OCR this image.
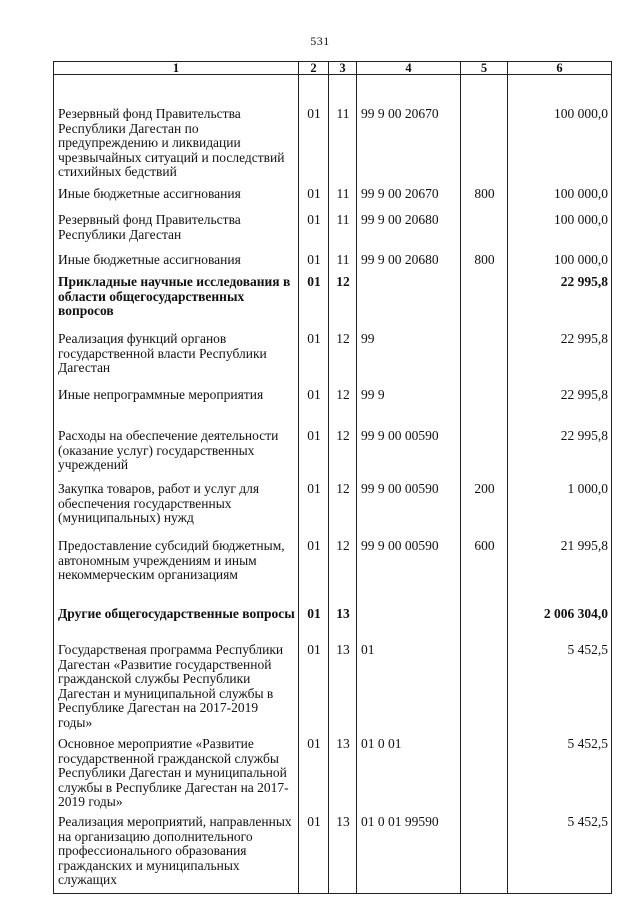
531
1	2	3	4	5	6

Резервный фонд Правительства Республики Дагестан по предупреждению и ликвидации чрезвычайных ситуаций и последствий стихийных бедствий	01	11	99 9 00 20670		100 000,0

Иные бюджетные ассигнования	01	11	99 9 00 20670	800	100 000,0

Резервный фонд Правительства Республики Дагестан	01	11	99 9 00 20680		100 000,0

Иные бюджетные ассигнования	01	11	99 9 00 20680	800	100 000,0

Прикладные научные исследования в области общегосударственных вопросов	01	12			22 995,8

Реализация функций органов государственной власти Республики Дагестан	01	12	99		22 995,8

Иные непрограммные мероприятия	01	12	99 9		22 995,8

Расходы на обеспечение деятельности (оказание услуг) государственных учреждений	01	12	99 9 00 00590		22 995,8

Закупка товаров, работ и услуг для обеспечения государственных (муниципальных) нужд	01	12	99 9 00 00590	200	1 000,0

Предоставление субсидий бюджетным, автономным учреждениям и иным некоммерческим организациям	01	12	99 9 00 00590	600	21 995,8

Другие общегосударственные вопросы	01	13			2 006 304,0

Государственая программа Республики Дагестан «Развитие государственной гражданской службы Республики Дагестан и муниципальной службы в Республике Дагестан на 2017-2019 годы»	01	13	01		5 452,5

Основное мероприятие «Развитие государственной гражданской службы Республики Дагестан и муниципальной службы в Республике Дагестан на 2017-2019 годы»	01	13	01 0 01		5 452,5

Реализация мероприятий, направленных на организацию дополнительного профессионального образования гражданских и муниципальных служащих	01	13	01 0 01 99590		5 452,5
